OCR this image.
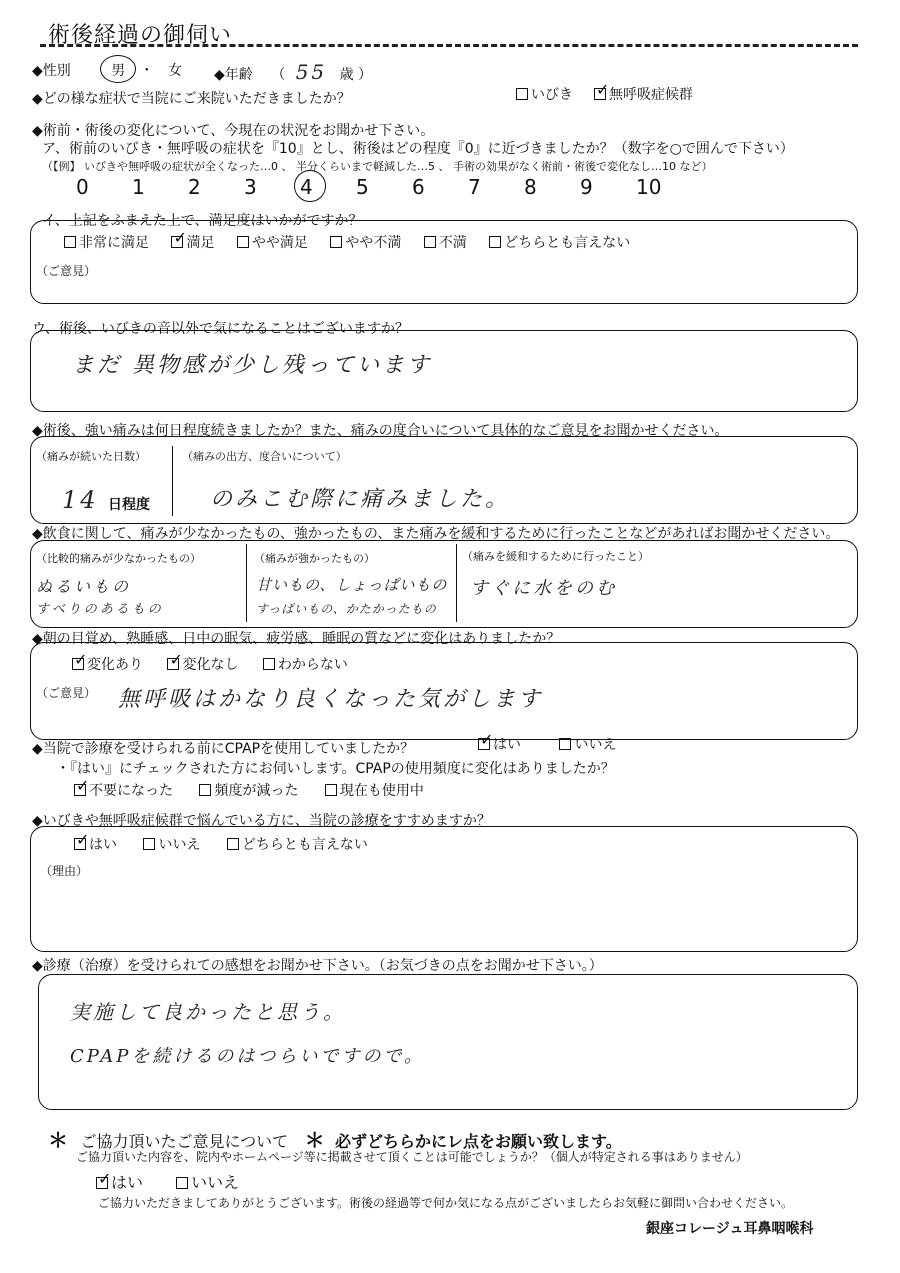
術後経過の御伺い
◆性別	男 ・ 女 ◆年齢 （ 55 歳 ）
◆どの様な症状で当院にご来院いただきましたか？	いびき ✓	無呼吸症候群
◆術前・術後の変化について、今現在の状況をお聞かせ下さい。
ア、術前のいびき・無呼吸の症状を『10』とし、術後はどの程度『0』に近づきましたか？（数字を○で囲んで下さい）
（【例】 いびきや無呼吸の症状が全くなった…0 、 半分くらいまで軽減した…5 、 手術の効果がなく術前・術後で変化なし…10 など）
0 1 2 3 4 5 6 7 8 9 10
イ、上記をふまえた上で、満足度はいかがですか？
非常に満足 ✓	満足	やや満足	やや不満	不満	どちらとも言えない
（ご意見）
ウ、術後、いびきの音以外で気になることはございますか？
まだ 異物感が少し残っています
◆術後、強い痛みは何日程度続きましたか？また、痛みの度合いについて具体的なご意見をお聞かせください。
（痛みが続いた日数）
14 日程度
（痛みの出方、度合いについて）
のみこむ際に痛みました。
◆飲食に関して、痛みが少なかったもの、強かったもの、また痛みを緩和するために行ったことなどがあればお聞かせください。
（比較的痛みが少なかったもの）
ぬるいもの
すべりのあるもの
（痛みが強かったもの）
甘いもの、しょっぱいもの
すっぱいもの、かたかったもの
（痛みを緩和するために行ったこと）
すぐに水をのむ
◆朝の目覚め、熟睡感、日中の眠気、疲労感、睡眠の質などに変化はありましたか？
✓変化あり ✓	変化なし	わからない
（ご意見） 無呼吸はかなり良くなった気がします
◆当院で診療を受けられる前にCPAPを使用していましたか？ ✓	はい	いいえ
・『はい』にチェックされた方にお伺いします。CPAPの使用頻度に変化はありましたか？
✓不要になった	頻度が減った	現在も使用中
◆いびきや無呼吸症候群で悩んでいる方に、当院の診療をすすめますか？
✓はい	いいえ	どちらとも言えない
（理由）
◆診療（治療）を受けられての感想をお聞かせ下さい。（お気づきの点をお聞かせ下さい。）
実施して良かったと思う。
CPAPを続けるのはつらいですので。
＊ ご協力頂いたご意見について ＊ 必ずどちらかにレ点をお願い致します。
ご協力頂いた内容を、院内やホームページ等に掲載させて頂くことは可能でしょうか？（個人が特定される事はありません）
✓はい	いいえ
ご協力いただきましてありがとうございます。術後の経過等で何か気になる点がございましたらお気軽に御問い合わせください。
銀座コレージュ耳鼻咽喉科
